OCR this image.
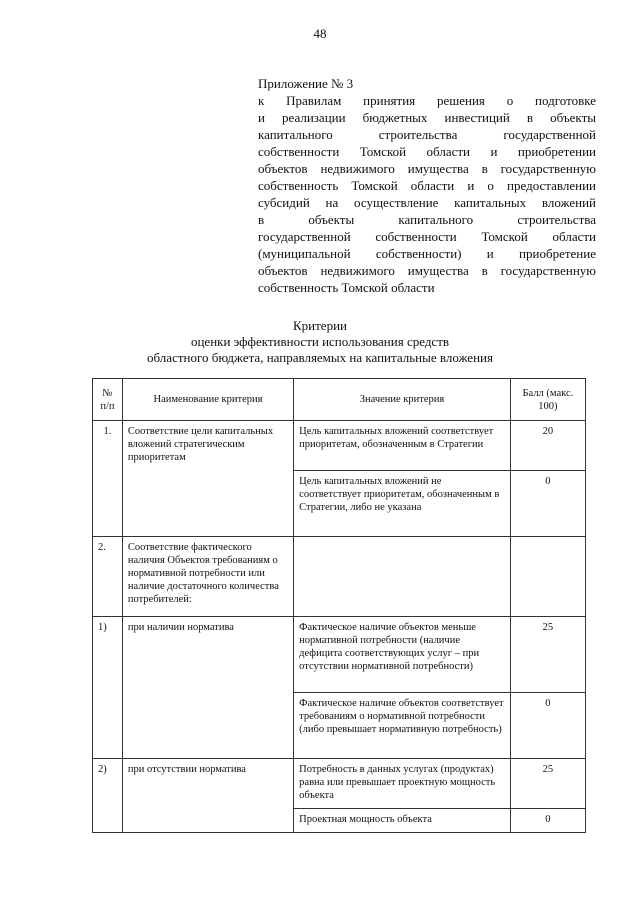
48
Приложение № 3
к Правилам принятия решения о подготовке
и реализации бюджетных инвестиций в объекты
капитального строительства государственной
собственности Томской области и приобретении
объектов недвижимого имущества в государственную
собственность Томской области и о предоставлении
субсидий на осуществление капитальных вложений
в объекты капитального строительства
государственной собственности Томской области
(муниципальной собственности) и приобретение
объектов недвижимого имущества в государственную
собственность Томской области
Критерии
оценки эффективности использования средств
областного бюджета, направляемых на капитальные вложения
№ п/п	Наименование критерия	Значение критерия	Балл (макс. 100)
1.	Соответствие цели капитальных вложений стратегическим приоритетам	Цель капитальных вложений соответствует приоритетам, обозначенным в Стратегии	20
		Цель капитальных вложений не соответствует приоритетам, обозначенным в Стратегии, либо не указана	0
2.	Соответствие фактического наличия Объектов требованиям о нормативной потребности или наличие достаточного количества потребителей:		
1)	при наличии норматива	Фактическое наличие объектов меньше нормативной потребности (наличие дефицита соответствующих услуг – при отсутствии нормативной потребности)	25
		Фактическое наличие объектов соответствует требованиям о нормативной потребности (либо превышает нормативную потребность)	0
2)	при отсутствии норматива	Потребность в данных услугах (продуктах) равна или превышает проектную мощность объекта	25
		Проектная мощность объекта	0
